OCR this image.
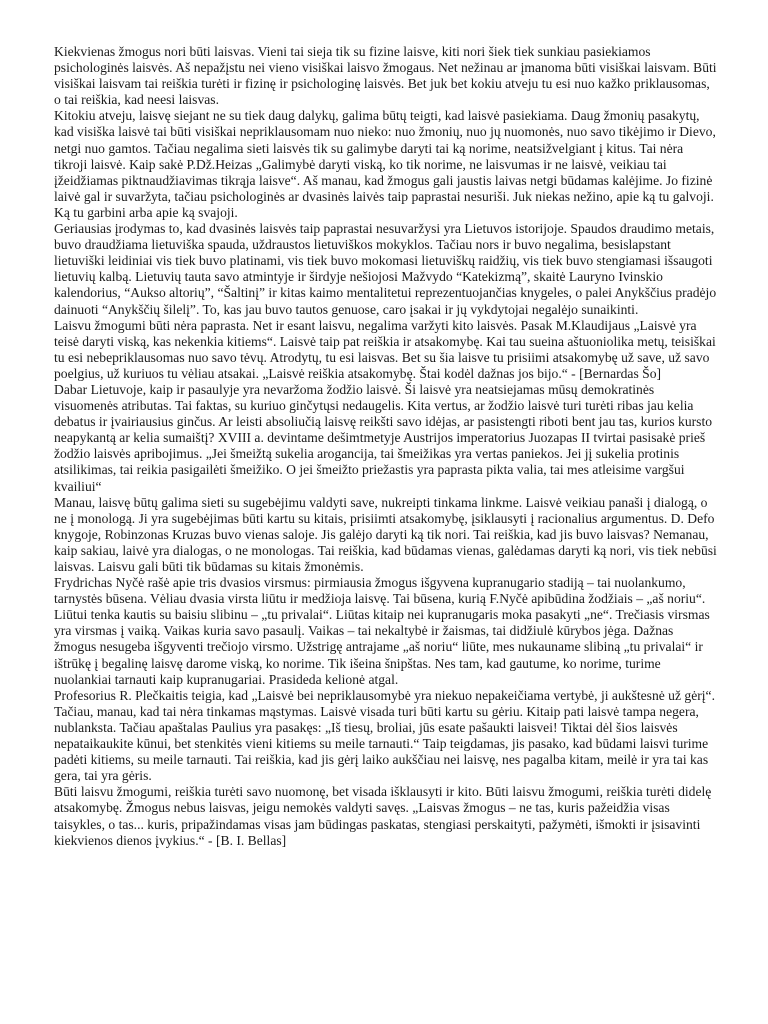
Kiekvienas žmogus nori būti laisvas. Vieni tai sieja tik su fizine laisve, kiti nori šiek tiek sunkiau pasiekiamos psichologinės laisvės. Aš nepažįstu nei vieno visiškai laisvo žmogaus. Net nežinau ar įmanoma būti visiškai laisvam. Būti visiškai laisvam tai reiškia turėti ir fizinę ir psichologinę laisvės. Bet juk bet kokiu atveju tu esi nuo kažko priklausomas, o tai reiškia, kad neesi laisvas.

Kitokiu atveju, laisvę siejant ne su tiek daug dalykų, galima būtų teigti, kad laisvė pasiekiama. Daug žmonių pasakytų, kad visiška laisvė tai būti visiškai nepriklausomam nuo nieko: nuo žmonių, nuo jų nuomonės, nuo savo tikėjimo ir Dievo, netgi nuo gamtos. Tačiau negalima sieti laisvės tik su galimybe daryti tai ką norime, neatsižvelgiant į kitus. Tai nėra tikroji laisvė. Kaip sakė P.Dž.Heizas „Galimybė daryti viską, ko tik norime, ne laisvumas ir ne laisvė, veikiau tai įžeidžiamas piktnaudžiavimas tikrąja laisve“. Aš manau, kad žmogus gali jaustis laivas netgi būdamas kalėjime. Jo fizinė laivė gal ir suvaržyta, tačiau psichologinės ar dvasinės laivės taip paprastai nesuriši. Juk niekas nežino, apie ką tu galvoji. Ką tu garbini arba apie ką svajoji.

Geriausias įrodymas to, kad dvasinės laisvės taip paprastai nesuvaržysi yra Lietuvos istorijoje. Spaudos draudimo metais, buvo draudžiama lietuviška spauda, uždraustos lietuviškos mokyklos. Tačiau nors ir buvo negalima, besislapstant lietuviški leidiniai vis tiek buvo platinami, vis tiek buvo mokomasi lietuviškų raidžių, vis tiek buvo stengiamasi išsaugoti lietuvių kalbą. Lietuvių tauta savo atmintyje ir širdyje nešiojosi Mažvydo “Katekizmą”, skaitė Lauryno Ivinskio kalendorius, “Aukso altorių”, “Šaltinį” ir kitas kaimo mentalitetui reprezentuojančias knygeles, o palei Anykščius pradėjo dainuoti “Anykščių šilelį”. To, kas jau buvo tautos genuose, caro įsakai ir jų vykdytojai negalėjo sunaikinti.

Laisvu žmogumi būti nėra paprasta. Net ir esant laisvu, negalima varžyti kito laisvės. Pasak M.Klaudijaus „Laisvė yra teisė daryti viską, kas nekenkia kitiems“. Laisvė taip pat reiškia ir atsakomybę. Kai tau sueina aštuoniolika metų, teisiškai tu esi nebepriklausomas nuo savo tėvų. Atrodytų, tu esi laisvas. Bet su šia laisve tu prisiimi atsakomybę už save, už savo poelgius, už kuriuos tu vėliau atsakai. „Laisvė reiškia atsakomybę. Štai kodėl dažnas jos bijo.“ - [Bernardas Šo]

Dabar Lietuvoje, kaip ir pasaulyje yra nevaržoma žodžio laisvė. Ši laisvė yra neatsiejamas mūsų demokratinės visuomenės atributas. Tai faktas, su kuriuo ginčytųsi nedaugelis. Kita vertus, ar žodžio laisvė turi turėti ribas jau kelia debatus ir įvairiausius ginčus. Ar leisti absoliučią laisvę reikšti savo idėjas, ar pasistengti riboti bent jau tas, kurios kursto neapykantą ar kelia sumaištį? XVIII a. devintame dešimtmetyje Austrijos imperatorius Juozapas II tvirtai pasisakė prieš žodžio laisvės apribojimus. „Jei šmeižtą sukelia arogancija, tai šmeižikas yra vertas paniekos. Jei jį sukelia protinis atsilikimas, tai reikia pasigailėti šmeižiko. O jei šmeižto priežastis yra paprasta pikta valia, tai mes atleisime vargšui kvailiui“

Manau, laisvę būtų galima sieti su sugebėjimu valdyti save, nukreipti tinkama linkme. Laisvė veikiau panaši į dialogą, o ne į monologą. Ji yra sugebėjimas būti kartu su kitais, prisiimti atsakomybę, įsiklausyti į racionalius argumentus. D. Defo knygoje, Robinzonas Kruzas buvo vienas saloje. Jis galėjo daryti ką tik nori. Tai reiškia, kad jis buvo laisvas? Nemanau, kaip sakiau, laivė yra dialogas, o ne monologas. Tai reiškia, kad būdamas vienas, galėdamas daryti ką nori, vis tiek nebūsi laisvas. Laisvu gali būti tik būdamas su kitais žmonėmis.

Frydrichas Nyčė rašė apie tris dvasios virsmus: pirmiausia žmogus išgyvena kupranugario stadiją – tai nuolankumo, tarnystės būsena. Vėliau dvasia virsta liūtu ir medžioja laisvę. Tai būsena, kurią F.Nyčė apibūdina žodžiais – „aš noriu“. Liūtui tenka kautis su baisiu slibinu – „tu privalai“. Liūtas kitaip nei kupranugaris moka pasakyti „ne“. Trečiasis virsmas yra virsmas į vaiką. Vaikas kuria savo pasaulį. Vaikas – tai nekaltybė ir žaismas, tai didžiulė kūrybos jėga. Dažnas žmogus nesugeba išgyventi trečiojo virsmo. Užstrigę antrajame „aš noriu“ liūte, mes nukauname slibiną „tu privalai“ ir ištrūkę į begalinę laisvę darome viską, ko norime. Tik išeina šnipštas. Nes tam, kad gautume, ko norime, turime nuolankiai tarnauti kaip kupranugariai. Prasideda kelionė atgal.

Profesorius R. Plečkaitis teigia, kad „Laisvė bei nepriklausomybė yra niekuo nepakeičiama vertybė, ji aukštesnė už gėrį“. Tačiau, manau, kad tai nėra tinkamas mąstymas. Laisvė visada turi būti kartu su gėriu. Kitaip pati laisvė tampa negera, nublanksta. Tačiau apaštalas Paulius yra pasakęs: „Iš tiesų, broliai, jūs esate pašaukti laisvei! Tiktai dėl šios laisvės nepataikaukite kūnui, bet stenkitės vieni kitiems su meile tarnauti.“ Taip teigdamas, jis pasako, kad būdami laisvi turime padėti kitiems, su meile tarnauti. Tai reiškia, kad jis gėrį laiko aukščiau nei laisvę, nes pagalba kitam, meilė ir yra tai kas gera, tai yra gėris.

Būti laisvu žmogumi, reiškia turėti savo nuomonę, bet visada išklausyti ir kito. Būti laisvu žmogumi, reiškia turėti didelę atsakomybę. Žmogus nebus laisvas, jeigu nemokės valdyti savęs. „Laisvas žmogus – ne tas, kuris pažeidžia visas taisykles, o tas... kuris, pripažindamas visas jam būdingas paskatas, stengiasi perskaityti, pažymėti, išmokti ir įsisavinti kiekvienos dienos įvykius.“ - [B. I. Bellas]
